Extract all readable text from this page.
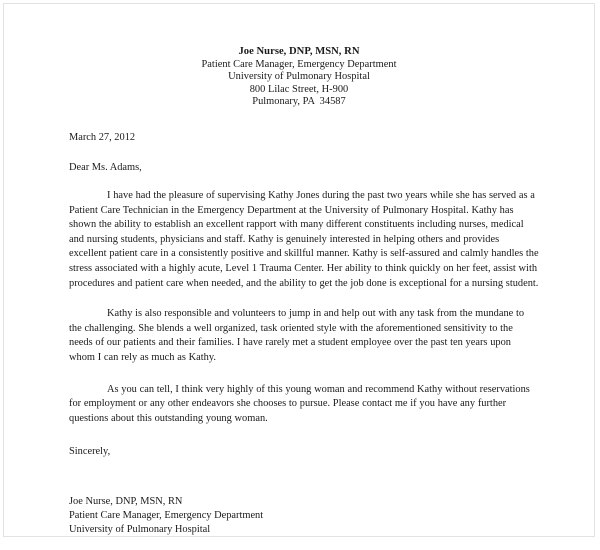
Joe Nurse, DNP, MSN, RN
Patient Care Manager, Emergency Department
University of Pulmonary Hospital
800 Lilac Street, H-900
Pulmonary, PA  34587
March 27, 2012
Dear Ms. Adams,

I have had the pleasure of supervising Kathy Jones during the past two years while she has served as a Patient Care Technician in the Emergency Department at the University of Pulmonary Hospital. Kathy has shown the ability to establish an excellent rapport with many different constituents including nurses, medical and nursing students, physicians and staff. Kathy is genuinely interested in helping others and provides excellent patient care in a consistently positive and skillful manner. Kathy is self-assured and calmly handles the stress associated with a highly acute, Level 1 Trauma Center. Her ability to think quickly on her feet, assist with procedures and patient care when needed, and the ability to get the job done is exceptional for a nursing student.

Kathy is also responsible and volunteers to jump in and help out with any task from the mundane to the challenging. She blends a well organized, task oriented style with the aforementioned sensitivity to the needs of our patients and their families. I have rarely met a student employee over the past ten years upon whom I can rely as much as Kathy.

As you can tell, I think very highly of this young woman and recommend Kathy without reservations for employment or any other endeavors she chooses to pursue. Please contact me if you have any further questions about this outstanding young woman.

Sincerely,
Joe Nurse, DNP, MSN, RN
Patient Care Manager, Emergency Department
University of Pulmonary Hospital
